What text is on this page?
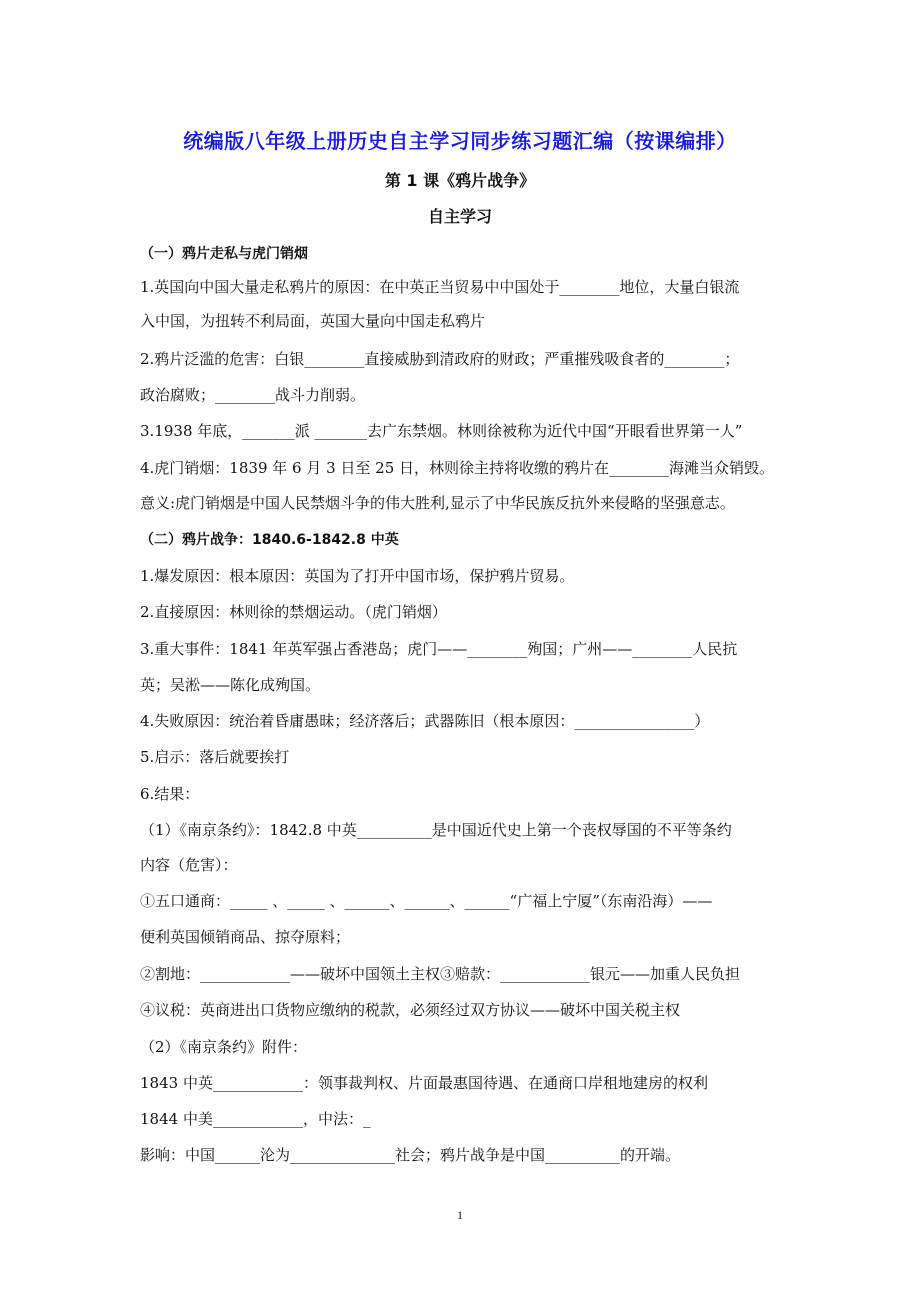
统编版八年级上册历史自主学习同步练习题汇编（按课编排）
第 1 课《鸦片战争》
自主学习
（一）鸦片走私与虎门销烟
1.英国向中国大量走私鸦片的原因：在中英正当贸易中中国处于________地位，大量白银流
入中国，为扭转不利局面，英国大量向中国走私鸦片
2.鸦片泛滥的危害：白银________直接威胁到清政府的财政；严重摧残吸食者的________；
政治腐败；________战斗力削弱。
3.1938 年底，_______派 _______去广东禁烟。林则徐被称为近代中国“开眼看世界第一人”
4.虎门销烟：1839 年 6 月 3 日至 25 日，林则徐主持将收缴的鸦片在________海滩当众销毁。
意义:虎门销烟是中国人民禁烟斗争的伟大胜利,显示了中华民族反抗外来侵略的坚强意志。
（二）鸦片战争：1840.6-1842.8 中英
1.爆发原因：根本原因：英国为了打开中国市场，保护鸦片贸易。
2.直接原因：林则徐的禁烟运动。（虎门销烟）
3.重大事件：1841 年英军强占香港岛；虎门——________殉国；广州——________人民抗
英；吴淞——陈化成殉国。
4.失败原因：统治着昏庸愚昧；经济落后；武器陈旧（根本原因：________________）
5.启示：落后就要挨打
6.结果：
（1）《南京条约》：1842.8 中英__________是中国近代史上第一个丧权辱国的不平等条约
内容（危害）：
①五口通商：_____ 、_____ 、______、______、______“广福上宁厦”（东南沿海）——
便利英国倾销商品、掠夺原料；
②割地：____________——破坏中国领土主权③赔款：____________银元——加重人民负担
④议税：英商进出口货物应缴纳的税款，必须经过双方协议——破坏中国关税主权
（2）《南京条约》附件：
1843 中英____________：领事裁判权、片面最惠国待遇、在通商口岸租地建房的权利
1844 中美____________，中法：_
影响：中国______沦为______________社会；鸦片战争是中国__________的开端。
1
